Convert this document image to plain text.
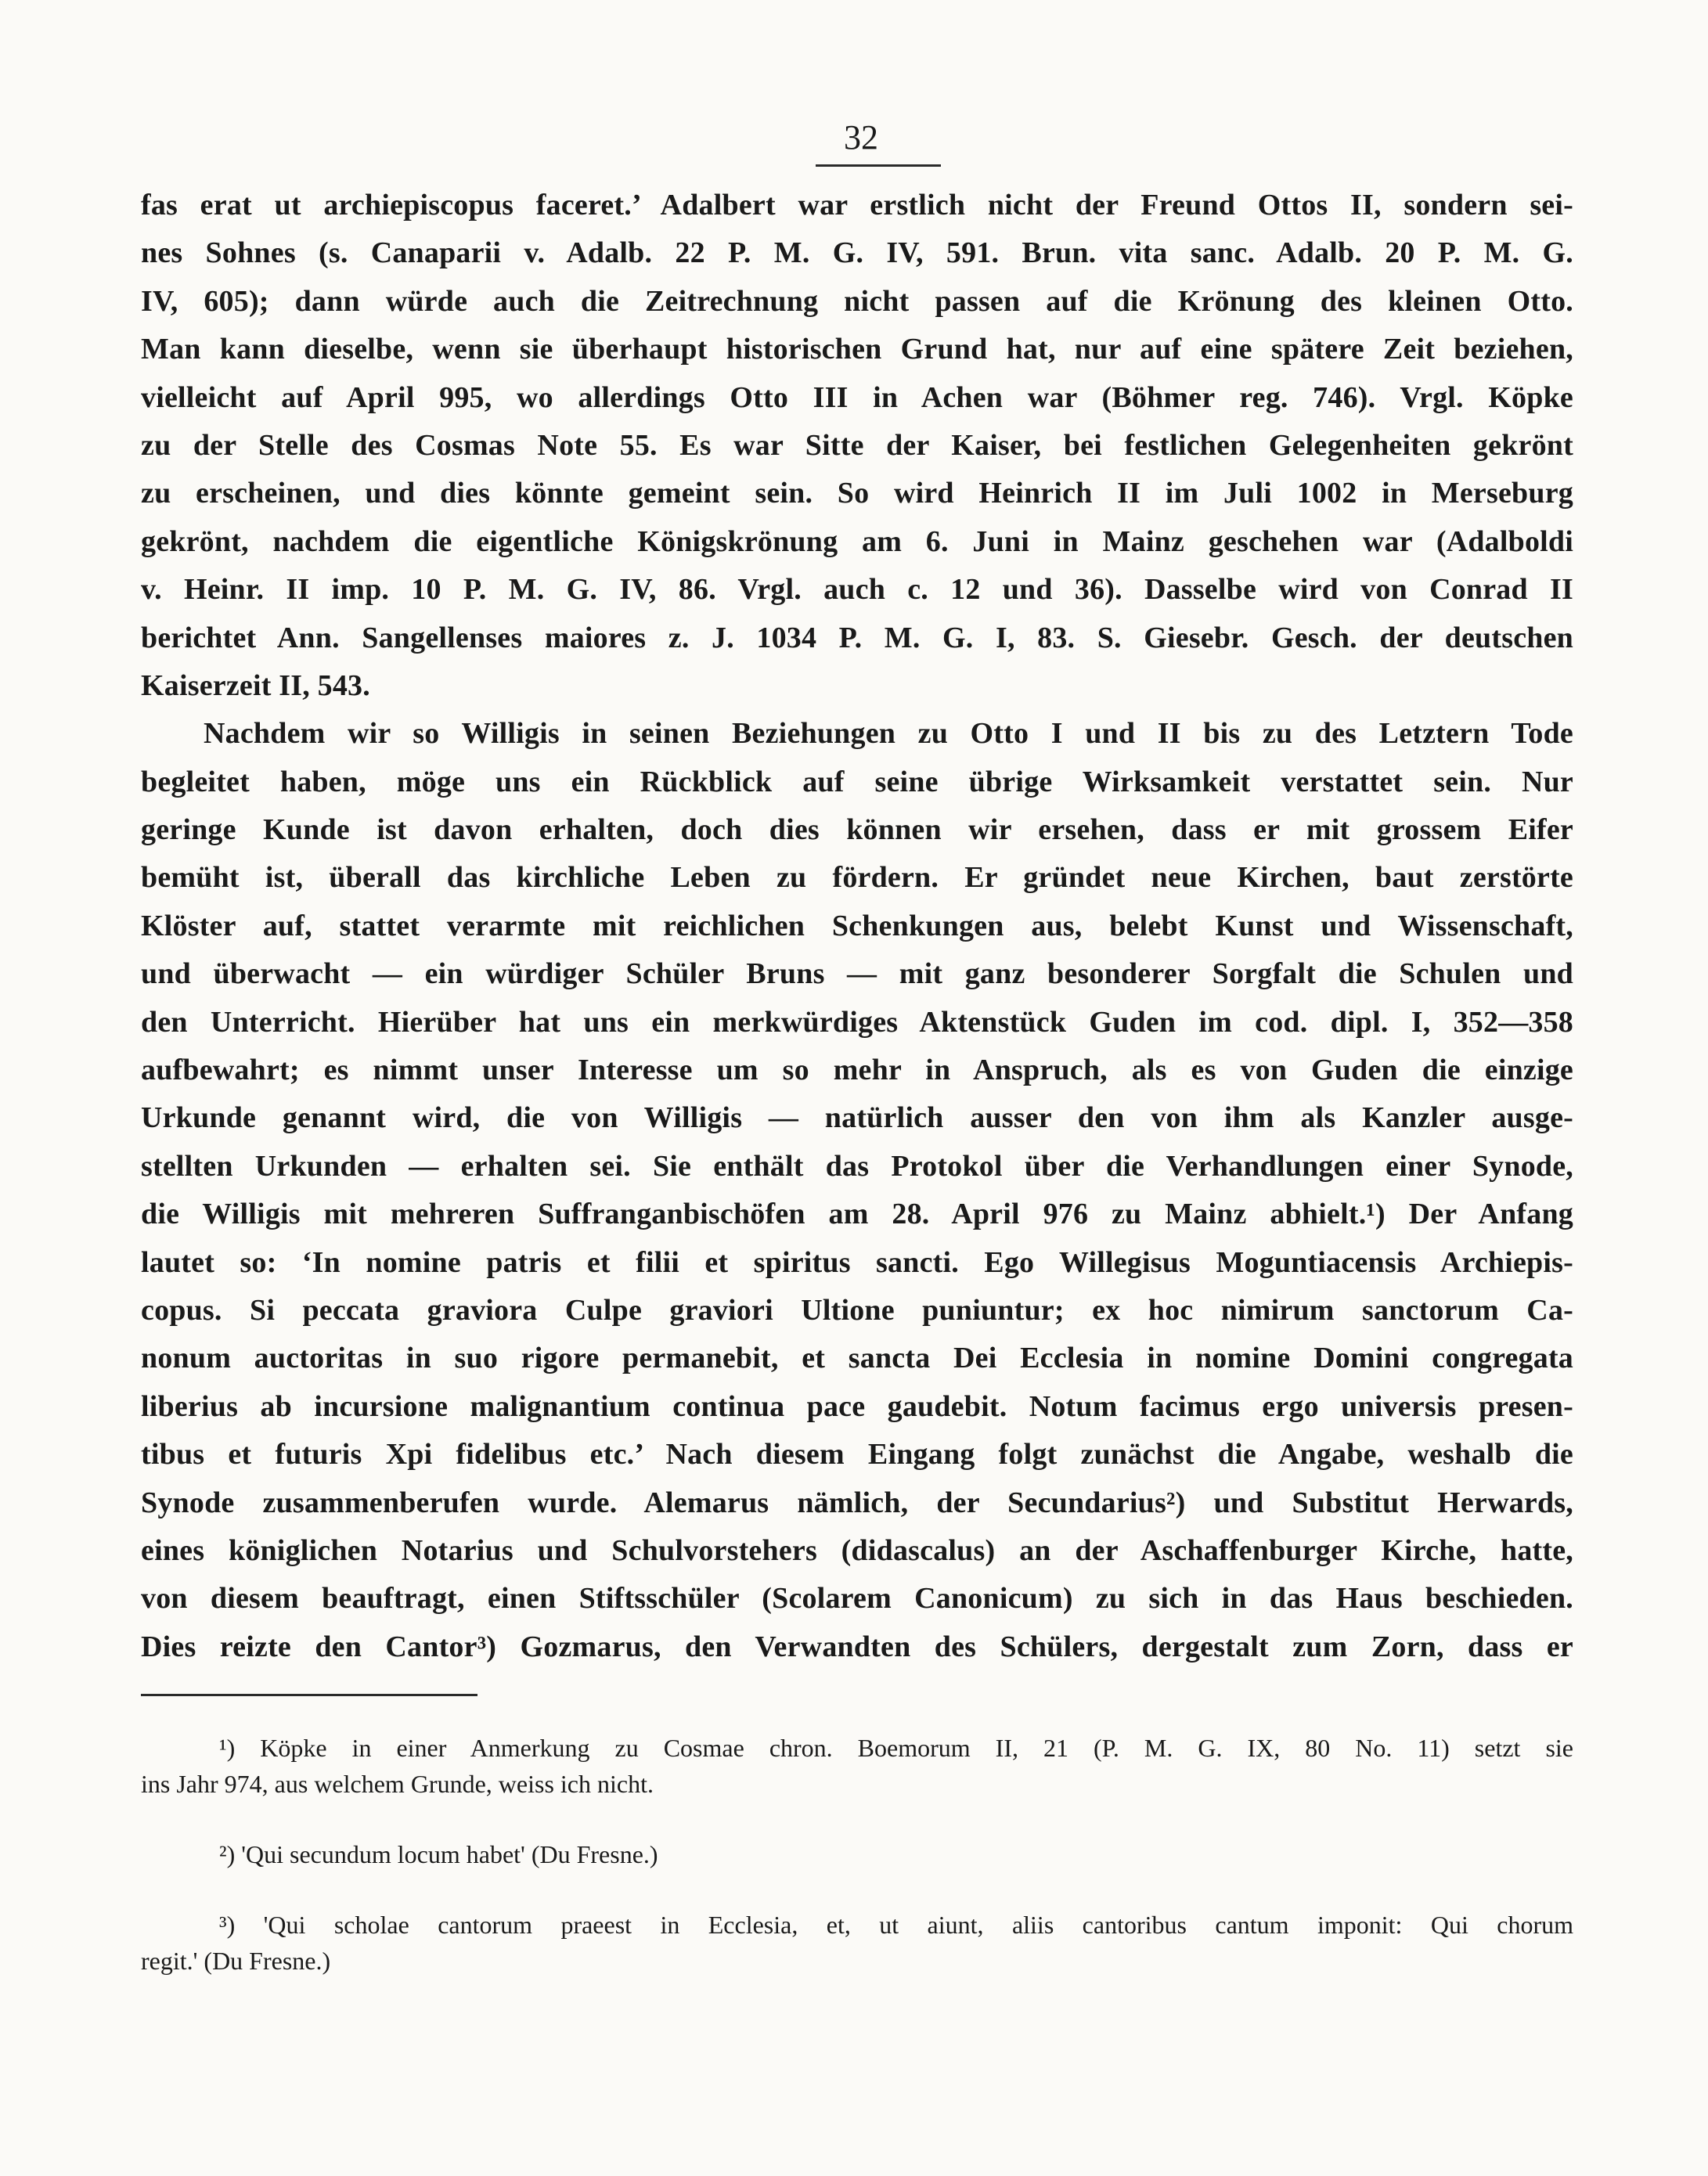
32
fas erat ut archiepiscopus faceret.’ Adalbert war erstlich nicht der Freund Ottos II, sondern sei-
nes Sohnes (s. Canaparii v. Adalb. 22 P. M. G. IV, 591. Brun. vita sanc. Adalb. 20 P. M. G.
IV, 605); dann würde auch die Zeitrechnung nicht passen auf die Krönung des kleinen Otto.
Man kann dieselbe, wenn sie überhaupt historischen Grund hat, nur auf eine spätere Zeit beziehen,
vielleicht auf April 995, wo allerdings Otto III in Achen war (Böhmer reg. 746). Vrgl. Köpke
zu der Stelle des Cosmas Note 55. Es war Sitte der Kaiser, bei festlichen Gelegenheiten gekrönt
zu erscheinen, und dies könnte gemeint sein. So wird Heinrich II im Juli 1002 in Merseburg
gekrönt, nachdem die eigentliche Königskrönung am 6. Juni in Mainz geschehen war (Adalboldi
v. Heinr. II imp. 10 P. M. G. IV, 86. Vrgl. auch c. 12 und 36). Dasselbe wird von Conrad II
berichtet Ann. Sangellenses maiores z. J. 1034 P. M. G. I, 83. S. Giesebr. Gesch. der deutschen
Kaiserzeit II, 543.
Nachdem wir so Willigis in seinen Beziehungen zu Otto I und II bis zu des Letztern Tode
begleitet haben, möge uns ein Rückblick auf seine übrige Wirksamkeit verstattet sein. Nur
geringe Kunde ist davon erhalten, doch dies können wir ersehen, dass er mit grossem Eifer
bemüht ist, überall das kirchliche Leben zu fördern. Er gründet neue Kirchen, baut zerstörte
Klöster auf, stattet verarmte mit reichlichen Schenkungen aus, belebt Kunst und Wissenschaft,
und überwacht — ein würdiger Schüler Bruns — mit ganz besonderer Sorgfalt die Schulen und
den Unterricht. Hierüber hat uns ein merkwürdiges Aktenstück Guden im cod. dipl. I, 352—358
aufbewahrt; es nimmt unser Interesse um so mehr in Anspruch, als es von Guden die einzige
Urkunde genannt wird, die von Willigis — natürlich ausser den von ihm als Kanzler ausge-
stellten Urkunden — erhalten sei. Sie enthält das Protokol über die Verhandlungen einer Synode,
die Willigis mit mehreren Suffranganbischöfen am 28. April 976 zu Mainz abhielt.¹) Der Anfang
lautet so: ‘In nomine patris et filii et spiritus sancti. Ego Willegisus Moguntiacensis Archiepis-
copus. Si peccata graviora Culpe graviori Ultione puniuntur; ex hoc nimirum sanctorum Ca-
nonum auctoritas in suo rigore permanebit, et sancta Dei Ecclesia in nomine Domini congregata
liberius ab incursione malignantium continua pace gaudebit. Notum facimus ergo universis presen-
tibus et futuris Xpi fidelibus etc.’ Nach diesem Eingang folgt zunächst die Angabe, weshalb die
Synode zusammenberufen wurde. Alemarus nämlich, der Secundarius²) und Substitut Herwards,
eines königlichen Notarius und Schulvorstehers (didascalus) an der Aschaffenburger Kirche, hatte,
von diesem beauftragt, einen Stiftsschüler (Scolarem Canonicum) zu sich in das Haus beschieden.
Dies reizte den Cantor³) Gozmarus, den Verwandten des Schülers, dergestalt zum Zorn, dass er
¹) Köpke in einer Anmerkung zu Cosmae chron. Boemorum II, 21 (P. M. G. IX, 80 No. 11) setzt sie
ins Jahr 974, aus welchem Grunde, weiss ich nicht.
²) 'Qui secundum locum habet' (Du Fresne.)
³) 'Qui scholae cantorum praeest in Ecclesia, et, ut aiunt, aliis cantoribus cantum imponit: Qui chorum
regit.' (Du Fresne.)
